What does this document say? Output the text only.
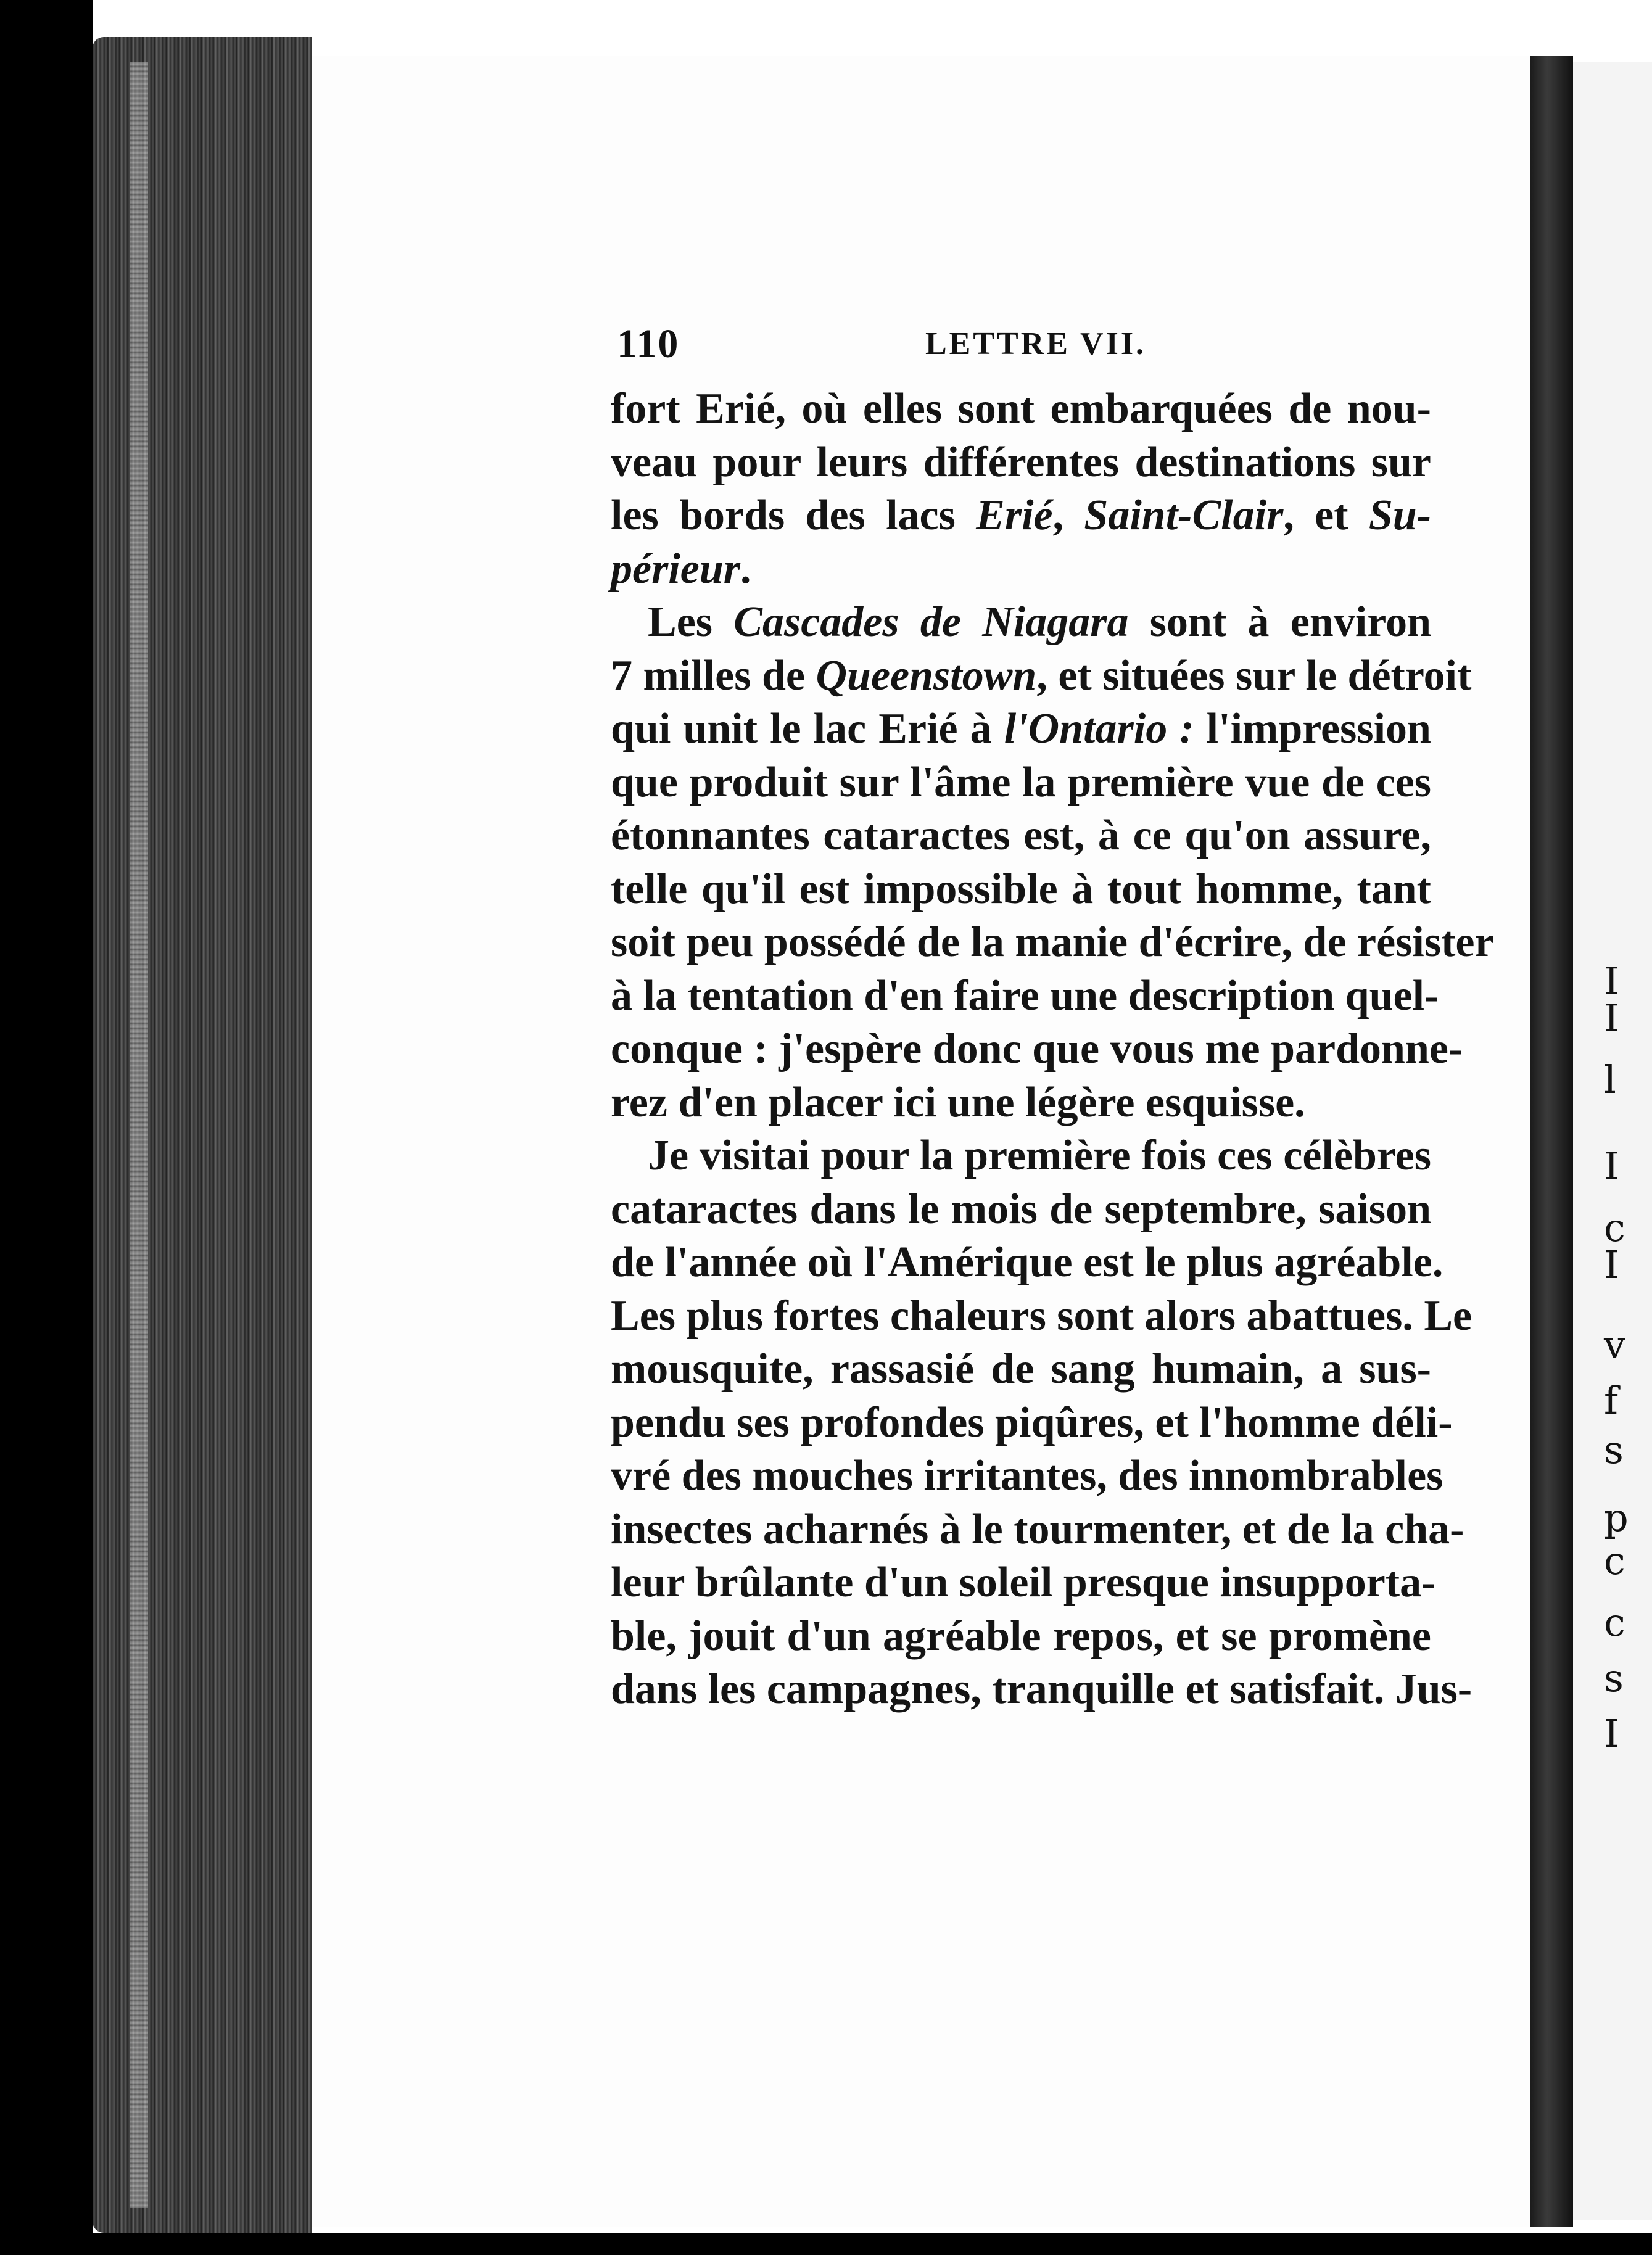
110	LETTRE VII.
fort Erié, où elles sont embarquées de nou-
veau pour leurs différentes destinations sur
les bords des lacs Erié, Saint-Clair, et Su-
périeur.
Les Cascades de Niagara sont à environ
7 milles de Queenstown, et situées sur le détroit
qui unit le lac Erié à l'Ontario : l'impression
que produit sur l'âme la première vue de ces
étonnantes cataractes est, à ce qu'on assure,
telle qu'il est impossible à tout homme, tant
soit peu possédé de la manie d'écrire, de résister
à la tentation d'en faire une description quel-
conque : j'espère donc que vous me pardonne-
rez d'en placer ici une légère esquisse.
Je visitai pour la première fois ces célèbres
cataractes dans le mois de septembre, saison
de l'année où l'Amérique est le plus agréable.
Les plus fortes chaleurs sont alors abattues. Le
mousquite, rassasié de sang humain, a sus-
pendu ses profondes piqûres, et l'homme déli-
vré des mouches irritantes, des innombrables
insectes acharnés à le tourmenter, et de la cha-
leur brûlante d'un soleil presque insupporta-
ble, jouit d'un agréable repos, et se promène
dans les campagnes, tranquille et satisfait. Jus-
I
I
l
I
c
I
v
f
s
p
c
c
s
I
